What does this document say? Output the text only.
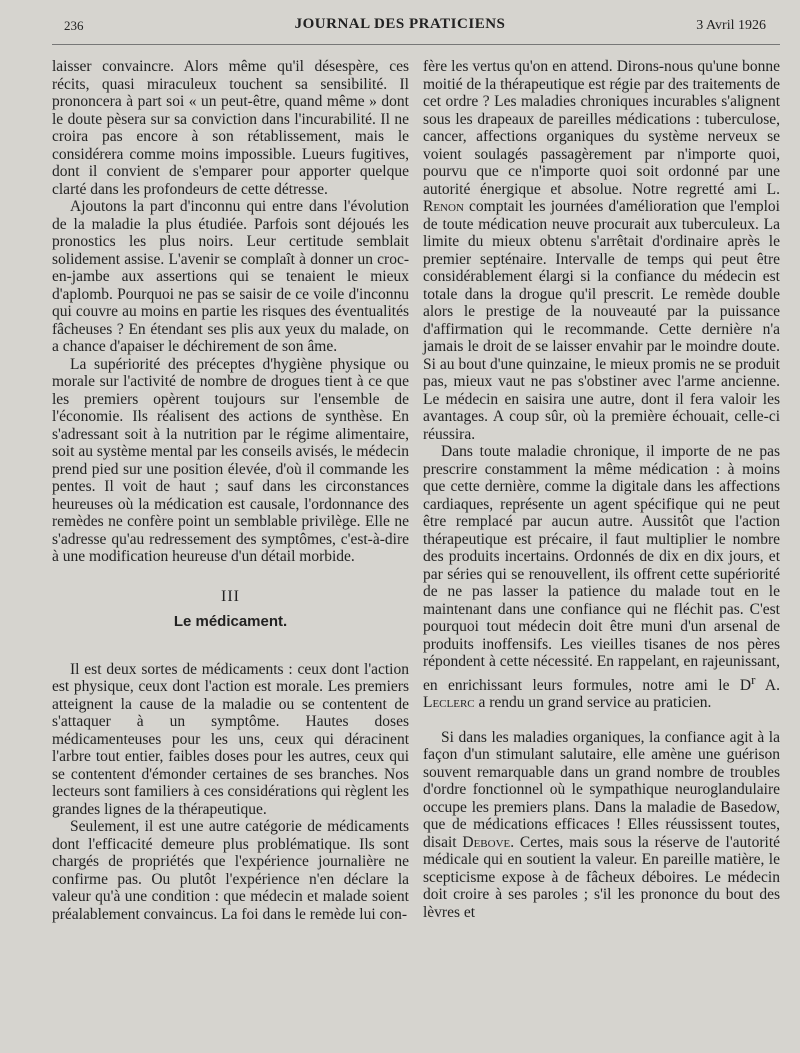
236	JOURNAL DES PRATICIENS	3 Avril 1926

laisser convaincre. Alors même qu'il désespère, ces récits, quasi miraculeux touchent sa sensibilité. Il prononcera à part soi « un peut-être, quand même » dont le doute pèsera sur sa conviction dans l'incurabilité. Il ne croira pas encore à son rétablissement, mais le considérera comme moins impossible. Lueurs fugitives, dont il convient de s'emparer pour apporter quelque clarté dans les profondeurs de cette détresse.

Ajoutons la part d'inconnu qui entre dans l'évolution de la maladie la plus étudiée. Parfois sont déjoués les pronostics les plus noirs. Leur certitude semblait solidement assise. L'avenir se complaît à donner un croc-en-jambe aux assertions qui se tenaient le mieux d'aplomb. Pourquoi ne pas se saisir de ce voile d'inconnu qui couvre au moins en partie les risques des éventualités fâcheuses ? En étendant ses plis aux yeux du malade, on a chance d'apaiser le déchirement de son âme.

La supériorité des préceptes d'hygiène physique ou morale sur l'activité de nombre de drogues tient à ce que les premiers opèrent toujours sur l'ensemble de l'économie. Ils réalisent des actions de synthèse. En s'adressant soit à la nutrition par le régime alimentaire, soit au système mental par les conseils avisés, le médecin prend pied sur une position élevée, d'où il commande les pentes. Il voit de haut ; sauf dans les circonstances heureuses où la médication est causale, l'ordonnance des remèdes ne confère point un semblable privilège. Elle ne s'adresse qu'au redressement des symptômes, c'est-à-dire à une modification heureuse d'un détail morbide.

III
Le médicament.

Il est deux sortes de médicaments : ceux dont l'action est physique, ceux dont l'action est morale. Les premiers atteignent la cause de la maladie ou se contentent de s'attaquer à un symptôme. Hautes doses médicamenteuses pour les uns, ceux qui déracinent l'arbre tout entier, faibles doses pour les autres, ceux qui se contentent d'émonder certaines de ses branches. Nos lecteurs sont familiers à ces considérations qui règlent les grandes lignes de la thérapeutique.

Seulement, il est une autre catégorie de médicaments dont l'efficacité demeure plus problématique. Ils sont chargés de propriétés que l'expérience journalière ne confirme pas. Ou plutôt l'expérience n'en déclare la valeur qu'à une condition : que médecin et malade soient préalablement convaincus. La foi dans le remède lui con-

fère les vertus qu'on en attend. Dirons-nous qu'une bonne moitié de la thérapeutique est régie par des traitements de cet ordre ? Les maladies chroniques incurables s'alignent sous les drapeaux de pareilles médications : tuberculose, cancer, affections organiques du système nerveux se voient soulagés passagèrement par n'importe quoi, pourvu que ce n'importe quoi soit ordonné par une autorité énergique et absolue. Notre regretté ami L. Renon comptait les journées d'amélioration que l'emploi de toute médication neuve procurait aux tuberculeux. La limite du mieux obtenu s'arrêtait d'ordinaire après le premier septénaire. Intervalle de temps qui peut être considérablement élargi si la confiance du médecin est totale dans la drogue qu'il prescrit. Le remède double alors le prestige de la nouveauté par la puissance d'affirmation qui le recommande. Cette dernière n'a jamais le droit de se laisser envahir par le moindre doute. Si au bout d'une quinzaine, le mieux promis ne se produit pas, mieux vaut ne pas s'obstiner avec l'arme ancienne. Le médecin en saisira une autre, dont il fera valoir les avantages. A coup sûr, où la première échouait, celle-ci réussira.

Dans toute maladie chronique, il importe de ne pas prescrire constamment la même médication : à moins que cette dernière, comme la digitale dans les affections cardiaques, représente un agent spécifique qui ne peut être remplacé par aucun autre. Aussitôt que l'action thérapeutique est précaire, il faut multiplier le nombre des produits incertains. Ordonnés de dix en dix jours, et par séries qui se renouvellent, ils offrent cette supériorité de ne pas lasser la patience du malade tout en le maintenant dans une confiance qui ne fléchit pas. C'est pourquoi tout médecin doit être muni d'un arsenal de produits inoffensifs. Les vieilles tisanes de nos pères répondent à cette nécessité. En rappelant, en rajeunissant, en enrichissant leurs formules, notre ami le $D^r$ A. Leclerc a rendu un grand service au praticien.

Si dans les maladies organiques, la confiance agit à la façon d'un stimulant salutaire, elle amène une guérison souvent remarquable dans un grand nombre de troubles d'ordre fonctionnel où le sympathique neuroglandulaire occupe les premiers plans. Dans la maladie de Basedow, que de médications efficaces ! Elles réussissent toutes, disait Debove. Certes, mais sous la réserve de l'autorité médicale qui en soutient la valeur. En pareille matière, le scepticisme expose à de fâcheux déboires. Le médecin doit croire à ses paroles ; s'il les prononce du bout des lèvres et
